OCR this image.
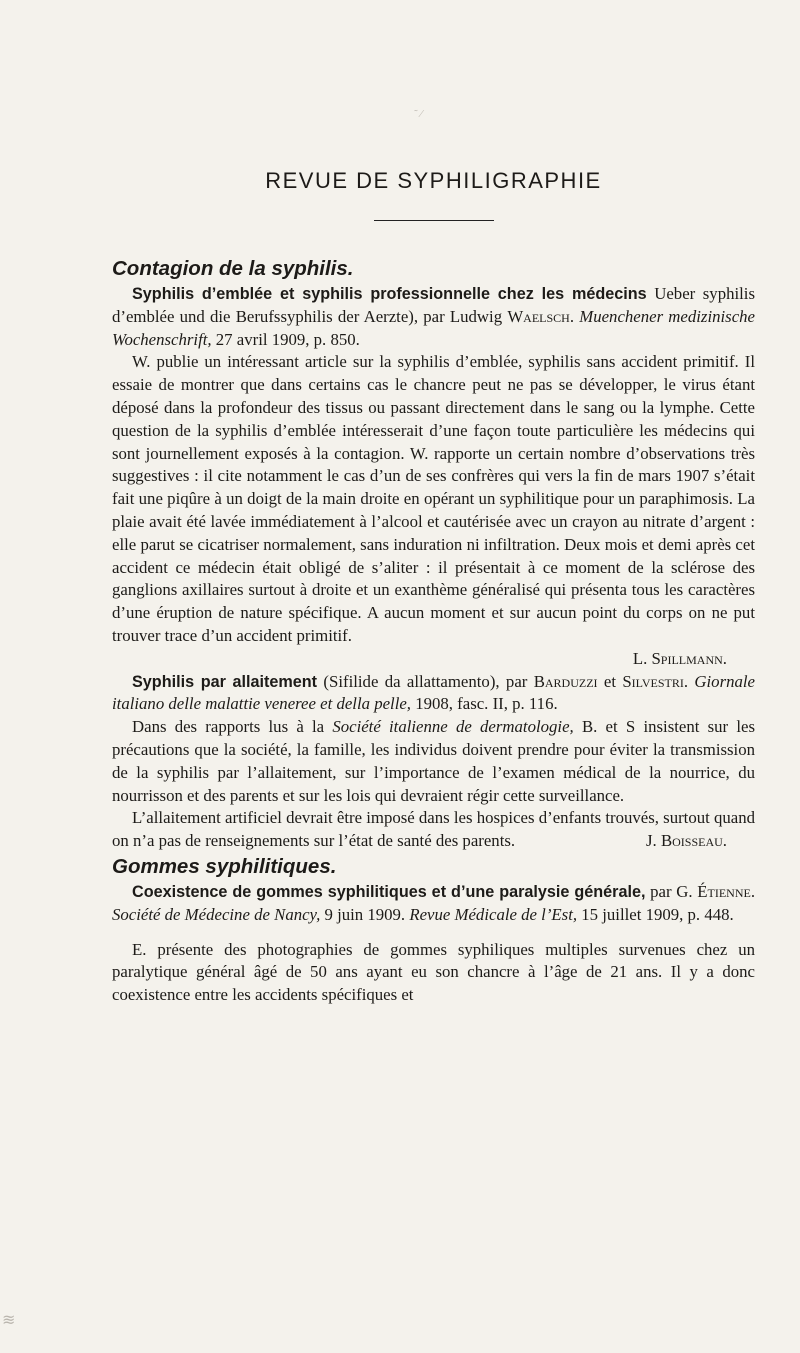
˜ ⁄
≋
REVUE DE SYPHILIGRAPHIE
Contagion de la syphilis.

Syphilis d’emblée et syphilis professionnelle chez les médecins Ueber syphilis d’emblée und die Berufssyphilis der Aerzte), par Ludwig Waelsch. Muenchener medizinische Wochenschrift, 27 avril 1909, p. 850.

W. publie un intéressant article sur la syphilis d’emblée, syphilis sans accident primitif. Il essaie de montrer que dans certains cas le chancre peut ne pas se développer, le virus étant déposé dans la profondeur des tissus ou passant directement dans le sang ou la lymphe. Cette question de la syphilis d’emblée intéresserait d’une façon toute particulière les médecins qui sont journellement exposés à la contagion. W. rapporte un certain nombre d’observations très suggestives : il cite notamment le cas d’un de ses confrères qui vers la fin de mars 1907 s’était fait une piqûre à un doigt de la main droite en opérant un syphilitique pour un paraphimosis. La plaie avait été lavée immédiatement à l’alcool et cautérisée avec un crayon au nitrate d’argent : elle parut se cicatriser normalement, sans induration ni infiltration. Deux mois et demi après cet accident ce médecin était obligé de s’aliter : il présentait à ce moment de la sclérose des ganglions axillaires surtout à droite et un exanthème généralisé qui présenta tous les caractères d’une éruption de nature spécifique. A aucun moment et sur aucun point du corps on ne put trouver trace d’un accident primitif.

L. Spillmann.

Syphilis par allaitement (Sifilide da allattamento), par Barduzzi et Silvestri. Giornale italiano delle malattie veneree et della pelle, 1908, fasc. II, p. 116.

Dans des rapports lus à la Société italienne de dermatologie, B. et S insistent sur les précautions que la société, la famille, les individus doivent prendre pour éviter la transmission de la syphilis par l’allaitement, sur l’importance de l’examen médical de la nourrice, du nourrisson et des parents et sur les lois qui devraient régir cette surveillance.

L’allaitement artificiel devrait être imposé dans les hospices d’enfants trouvés, surtout quand on n’a pas de renseignements sur l’état de santé des parents.	J. Boisseau.

Gommes syphilitiques.

Coexistence de gommes syphilitiques et d’une paralysie générale, par G. Étienne. Société de Médecine de Nancy, 9 juin 1909. Revue Médicale de l’Est, 15 juillet 1909, p. 448.

E. présente des photographies de gommes syphiliques multiples survenues chez un paralytique général âgé de 50 ans ayant eu son chancre à l’âge de 21 ans. Il y a donc coexistence entre les accidents spécifiques et
